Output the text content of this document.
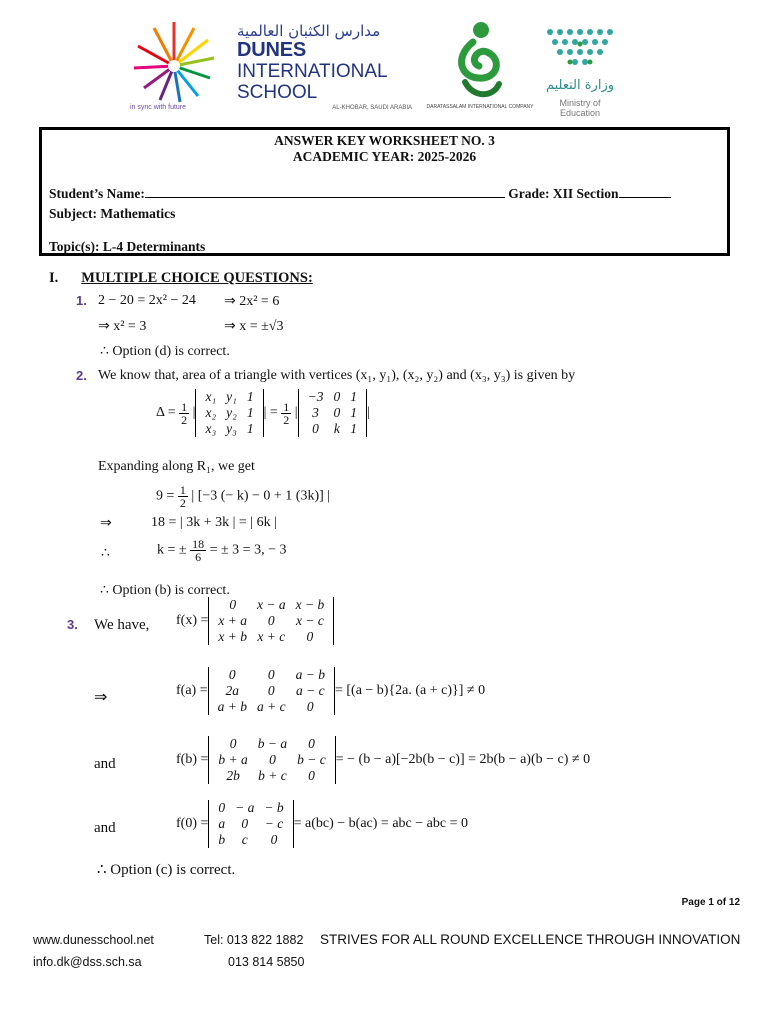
in sync with future
مدارس الكثبان العالمية
DUNES
INTERNATIONAL
SCHOOL
AL-KHOBAR, SAUDI ARABIA	DARATASSALAM INTERNATIONAL COMPANY
وزارة التعليم
Ministry of Education
ANSWER KEY WORKSHEET NO. 3
ACADEMIC YEAR: 2025-2026
Student’s Name:	Grade: XII Section
Subject: Mathematics
Topic(s): L-4 Determinants
I. MULTIPLE CHOICE QUESTIONS:
1. 2 − 20 = 2x² − 24 ⇒ 2x² = 6
⇒ x² = 3	⇒ x = ±√3
∴ Option (d) is correct.
2. We know that, area of a triangle with vertices (x₁, y₁), (x₂, y₂) and (x₃, y₃) is given by
$\Delta = \frac{1}{2}$ |
x₁	y₁	1
x₂	y₂	1
x₃	y₃	1
| = $\frac{1}{2}$ |
−3	0	1
3	0	1
0	k	1
|
Expanding along R₁, we get
$9 = \frac{1}{2}$ | [−3 (− k) − 0 + 1 (3k)] |
⇒	18 = | 3k + 3k | = | 6k |
∴	k = ± $\frac{18}{6}$ = ± 3 = 3, − 3
∴ Option (b) is correct.
3. We have, f(x) =
0	x − a	x − b
x + a	0	x − c
x + b	x + c	0
⇒	f(a) =
0	0	a − b
2a	0	a − c
a + b	a + c	0
= [(a − b){2a. (a + c)}] ≠ 0
and	f(b) =
0	b − a	0
b + a	0	b − c
2b	b + c	0
= − (b − a)[−2b(b − c)] = 2b(b − a)(b − c) ≠ 0
and	f(0) =
0	− a	− b
a	0	− c
b	c	0
= a(bc) − b(ac) = abc − abc = 0
∴ Option (c) is correct.
Page 1 of 12
www.dunesschool.net	Tel: 013 822 1882 STRIVES FOR ALL ROUND EXCELLENCE THROUGH INNOVATION
info.dk@dss.sch.sa	013 814 5850
